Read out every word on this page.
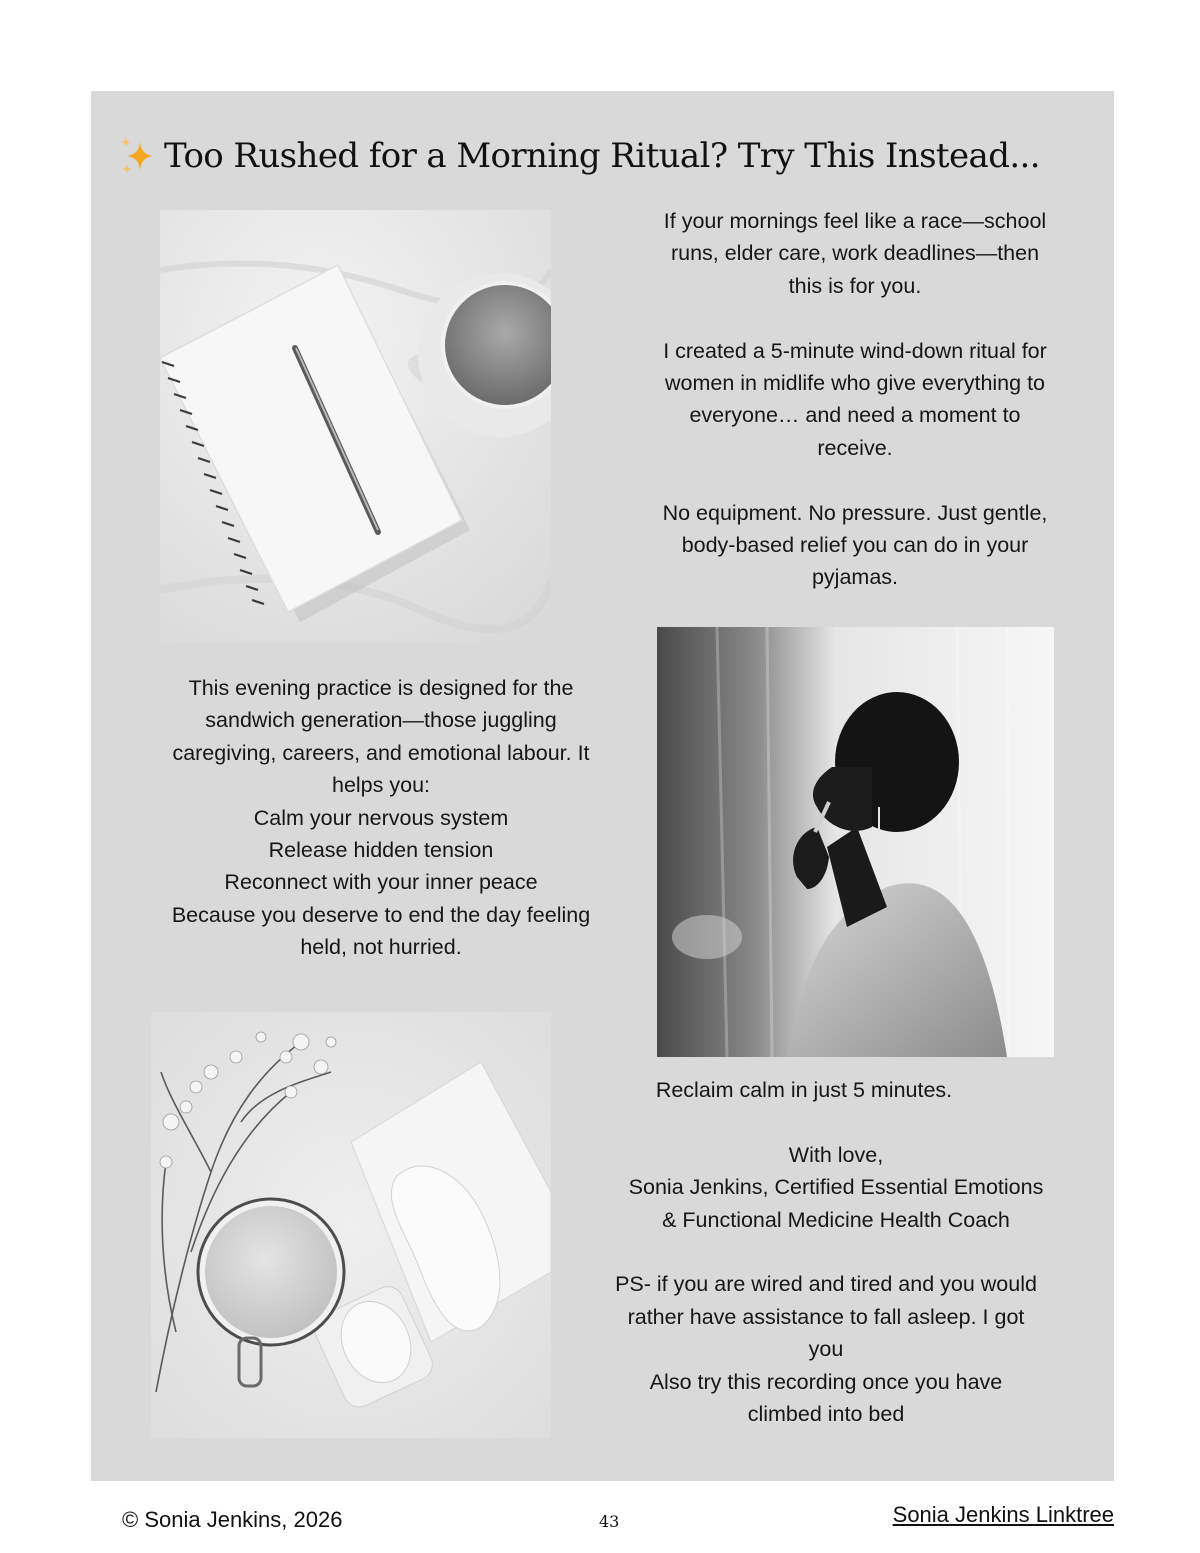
Too Rushed for a Morning Ritual? Try This Instead...

If your mornings feel like a race—school
runs, elder care, work deadlines—then
this is for you.

I created a 5-minute wind-down ritual for
women in midlife who give everything to
everyone… and need a moment to
receive.

No equipment. No pressure. Just gentle,
body-based relief you can do in your
pyjamas.

This evening practice is designed for the
sandwich generation—those juggling
caregiving, careers, and emotional labour. It
helps you:
Calm your nervous system
Release hidden tension
Reconnect with your inner peace
Because you deserve to end the day feeling
held, not hurried.

Reclaim calm in just 5 minutes.

With love,

Sonia Jenkins, Certified Essential Emotions
& Functional Medicine Health Coach

PS- if you are wired and tired and you would
rather have assistance to fall asleep. I got
you
Also try this recording once you have
climbed into bed

© Sonia Jenkins, 2026	43	Sonia Jenkins Linktree
